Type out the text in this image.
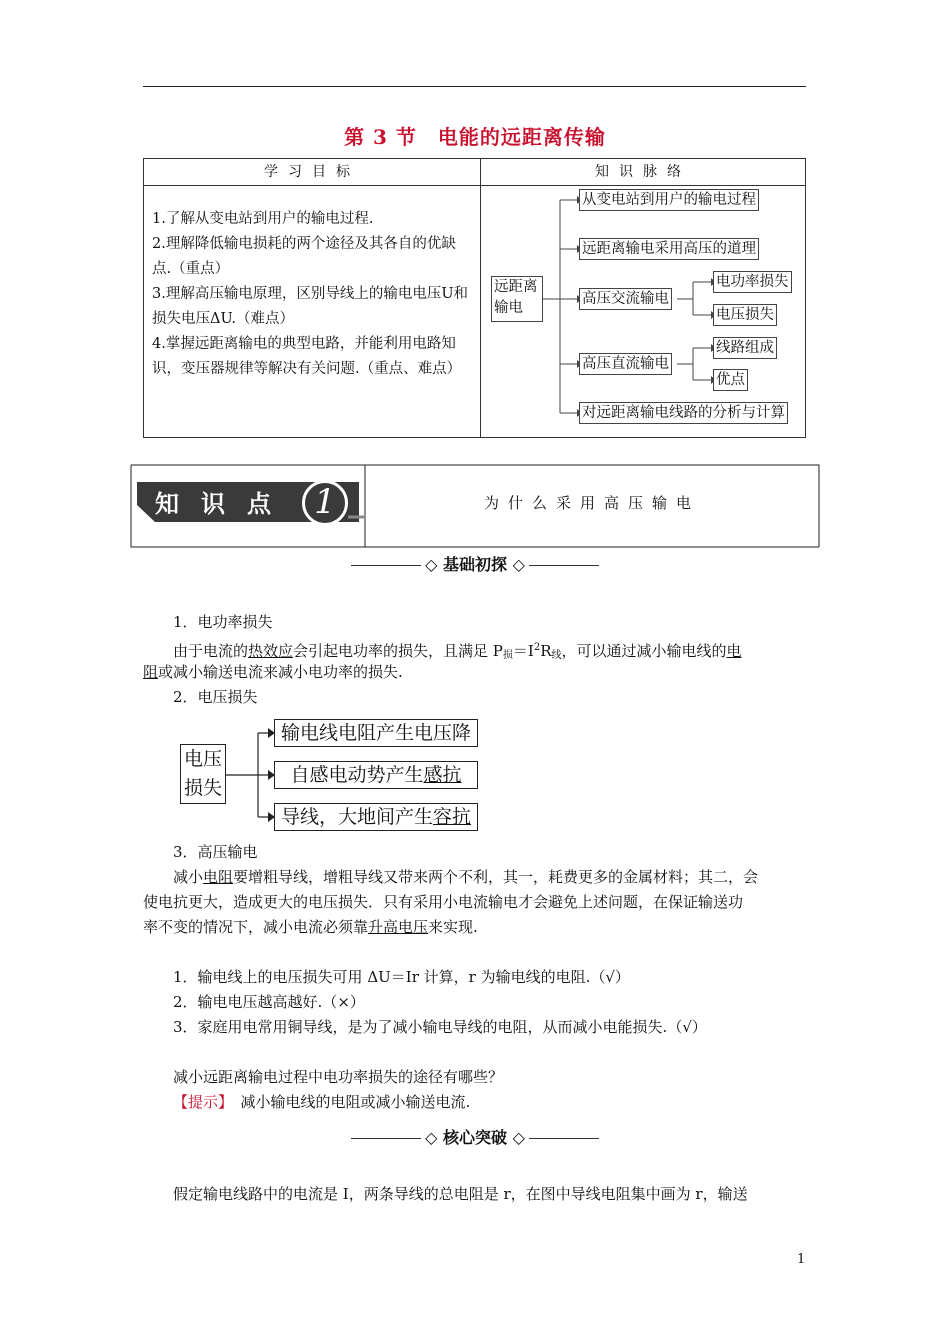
第 3 节　电能的远距离传输
学习目标	知识脉络
1.了解从变电站到用户的输电过程.
2.理解降低输电损耗的两个途径及其各自的优缺点.（重点）
3.理解高压输电原理，区别导线上的输电电压U和损失电压ΔU.（难点）
4.掌握远距离输电的典型电路，并能利用电路知识，变压器规律等解决有关问题.（重点、难点）
远距离输电
从变电站到用户的输电过程
远距离输电采用高压的道理
高压交流输电
电功率损失
电压损失
高压直流输电
线路组成
优点
对远距离输电线路的分析与计算
知识点 1	为什么采用高压输电
◇ 基础初探 ◇
1．电功率损失
由于电流的热效应会引起电功率的损失，且满足 $P_损=I^2R_线$，可以通过减小输电线的电
阻或减小输送电流来减小电功率的损失.
2．电压损失
电压
损失
输电线电阻产生电压降
自感电动势产生感抗
导线，大地间产生容抗
3．高压输电
减小电阻要增粗导线，增粗导线又带来两个不利，其一，耗费更多的金属材料；其二，会
使电抗更大，造成更大的电压损失．只有采用小电流输电才会避免上述问题，在保证输送功
率不变的情况下，减小电流必须靠升高电压来实现.
1．输电线上的电压损失可用 ΔU＝Ir 计算，r 为输电线的电阻.（√）
2．输电电压越高越好.（×）
3．家庭用电常用铜导线，是为了减小输电导线的电阻，从而减小电能损失.（√）
减小远距离输电过程中电功率损失的途径有哪些？
【提示】　减小输电线的电阻或减小输送电流.
◇ 核心突破 ◇
假定输电线路中的电流是 I，两条导线的总电阻是 r，在图中导线电阻集中画为 r，输送
1
